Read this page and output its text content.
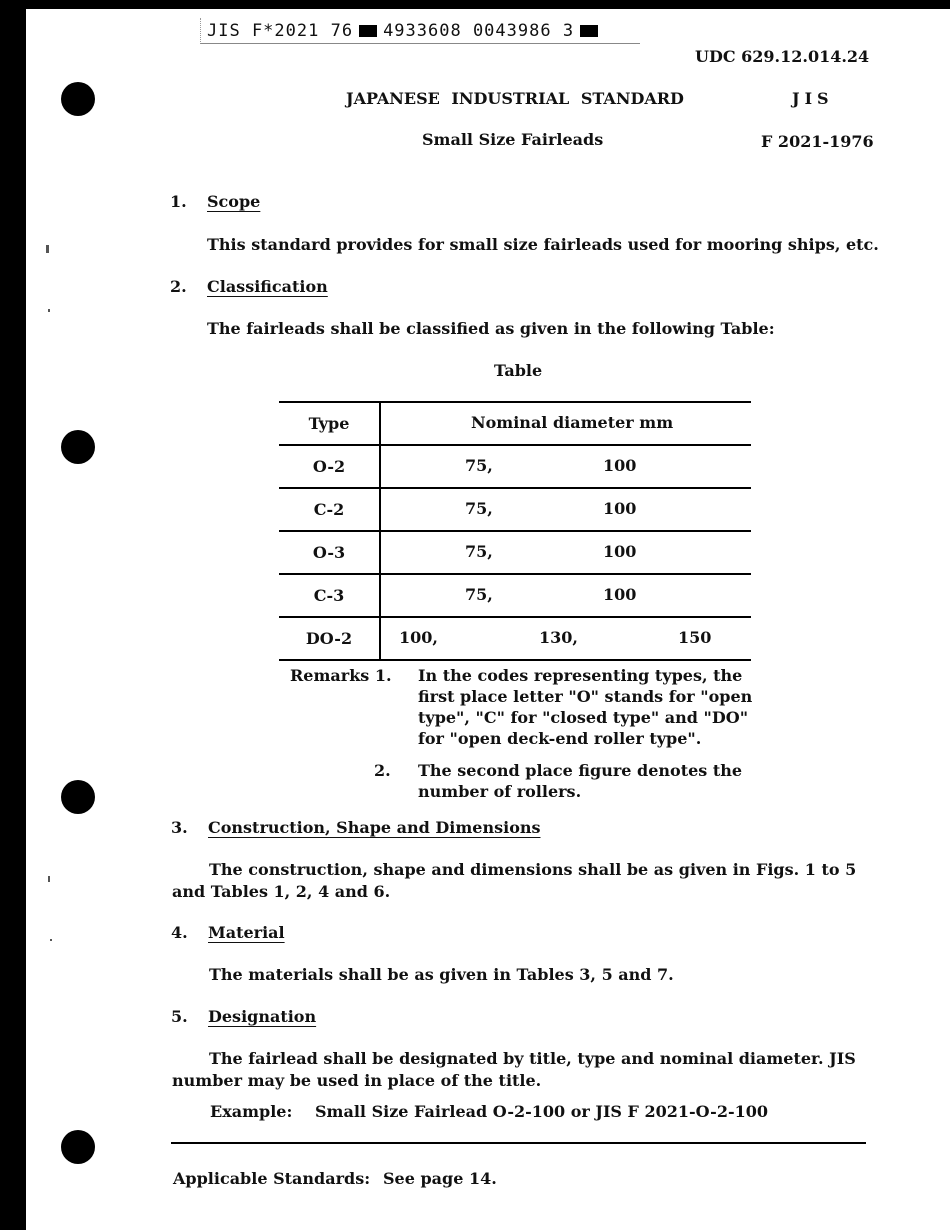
JIS F*2021 76 4933608 0043986 3
UDC 629.12.014.24
JAPANESE INDUSTRIAL STANDARD	JIS
Small Size Fairleads	F 2021-1976
1. Scope
This standard provides for small size fairleads used for mooring ships, etc.
2. Classification
The fairleads shall be classified as given in the following Table:
Table
Type	Nominal diameter mm

O-2	75, 100

C-2	75, 100

O-3	75, 100

C-3	75, 100

DO-2	100, 130, 150
Remarks 1. In the codes representing types, the
first place letter "O" stands for "open
type", "C" for "closed type" and "DO"
for "open deck-end roller type".
2. The second place figure denotes the
number of rollers.
3. Construction, Shape and Dimensions
The construction, shape and dimensions shall be as given in Figs. 1 to 5
and Tables 1, 2, 4 and 6.
4. Material
The materials shall be as given in Tables 3, 5 and 7.
5. Designation
The fairlead shall be designated by title, type and nominal diameter. JIS
number may be used in place of the title.
Example: Small Size Fairlead O-2-100 or JIS F 2021-O-2-100
Applicable Standards: See page 14.
